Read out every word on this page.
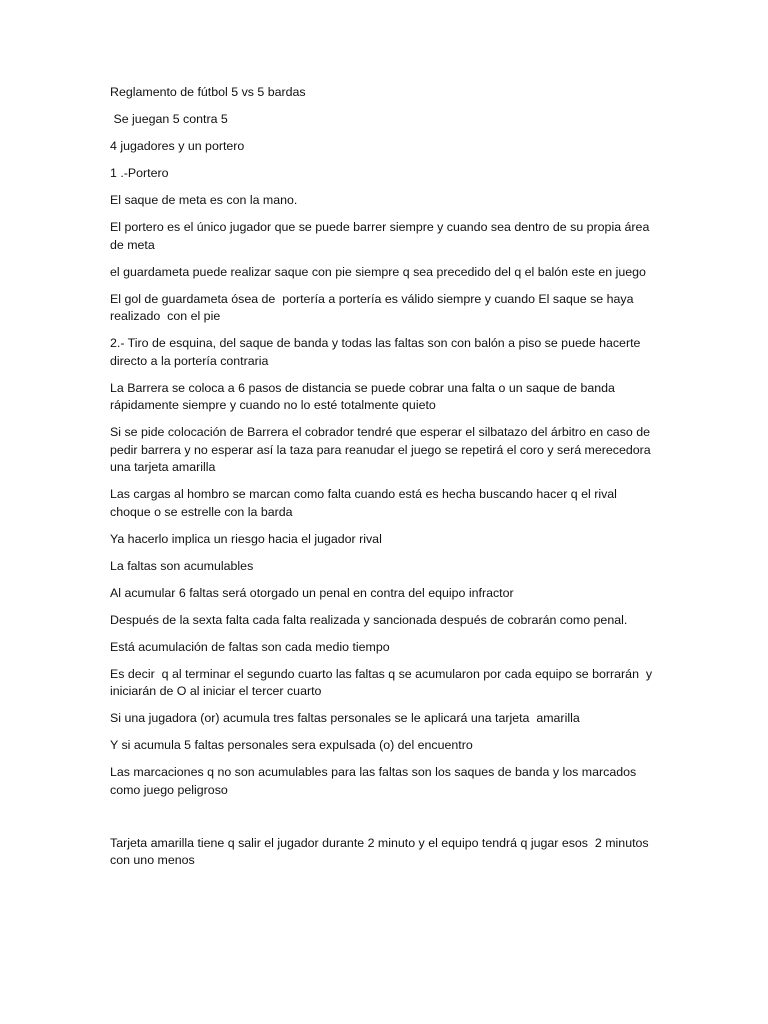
Reglamento de fútbol 5 vs 5 bardas

Se juegan 5 contra 5

4 jugadores y un portero

1 .-Portero

El saque de meta es con la mano.

El portero es el único jugador que se puede barrer siempre y cuando sea dentro de su propia área de meta

el guardameta puede realizar saque con pie siempre q sea precedido del q el balón este en juego

El gol de guardameta ósea de  portería a portería es válido siempre y cuando El saque se haya realizado  con el pie

2.- Tiro de esquina, del saque de banda y todas las faltas son con balón a piso se puede hacerte directo a la portería contraria

La Barrera se coloca a 6 pasos de distancia se puede cobrar una falta o un saque de banda rápidamente siempre y cuando no lo esté totalmente quieto

Si se pide colocación de Barrera el cobrador tendré que esperar el silbatazo del árbitro en caso de pedir barrera y no esperar así la taza para reanudar el juego se repetirá el coro y será merecedora una tarjeta amarilla

Las cargas al hombro se marcan como falta cuando está es hecha buscando hacer q el rival choque o se estrelle con la barda

Ya hacerlo implica un riesgo hacia el jugador rival

La faltas son acumulables

Al acumular 6 faltas será otorgado un penal en contra del equipo infractor

Después de la sexta falta cada falta realizada y sancionada después de cobrarán como penal.

Está acumulación de faltas son cada medio tiempo

Es decir  q al terminar el segundo cuarto las faltas q se acumularon por cada equipo se borrarán  y iniciarán de O al iniciar el tercer cuarto

Si una jugadora (or) acumula tres faltas personales se le aplicará una tarjeta  amarilla

Y si acumula 5 faltas personales sera expulsada (o) del encuentro

Las marcaciones q no son acumulables para las faltas son los saques de banda y los marcados como juego peligroso

Tarjeta amarilla tiene q salir el jugador durante 2 minuto y el equipo tendrá q jugar esos  2 minutos con uno menos
